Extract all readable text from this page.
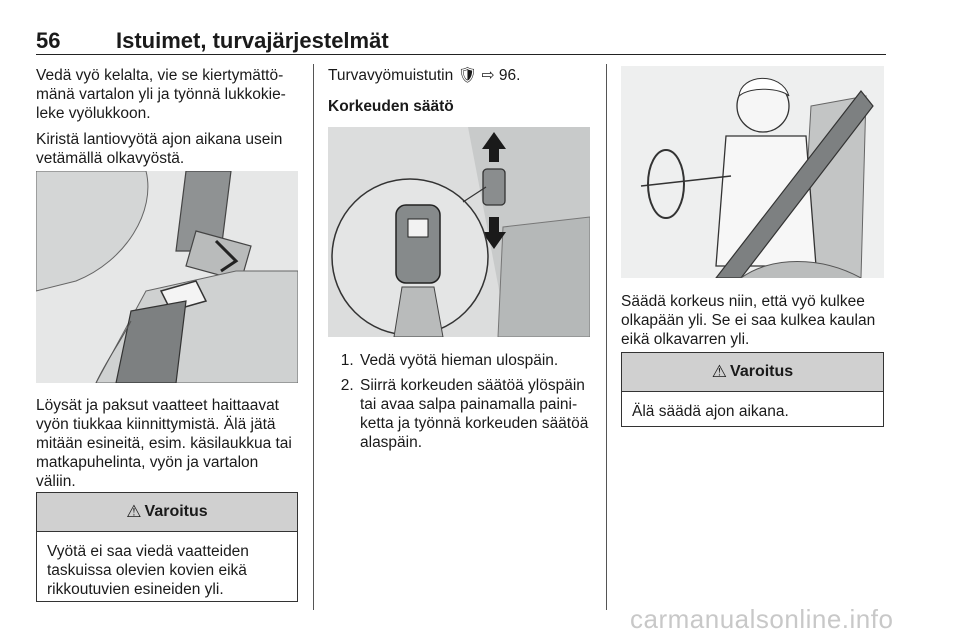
56	Istuimet, turvajärjestelmät

Vedä vyö kelalta, vie se kiertymättö-mänä vartalon yli ja työnnä lukkokie-leke vyölukkoon.

Kiristä lantiovyötä ajon aikana usein vetämällä olkavyöstä.

Löysät ja paksut vaatteet haittaavat vyön tiukkaa kiinnittymistä. Älä jätä mitään esineitä, esim. käsilaukkua tai matkapuhelinta, vyön ja vartalon väliin.

⚠ Varoitus
Vyötä ei saa viedä vaatteiden taskuissa olevien kovien eikä rikkoutuvien esineiden yli.

Turvavyömuistutin 🛡 ⇨ 96.

Korkeuden säätö

1. Vedä vyötä hieman ulospäin.
2. Siirrä korkeuden säätöä ylöspäin tai avaa salpa painamalla paini-ketta ja työnnä korkeuden säätöä alaspäin.

Säädä korkeus niin, että vyö kulkee olkapään yli. Se ei saa kulkea kaulan eikä olkavarren yli.

⚠ Varoitus
Älä säädä ajon aikana.
carmanualsonline.info
